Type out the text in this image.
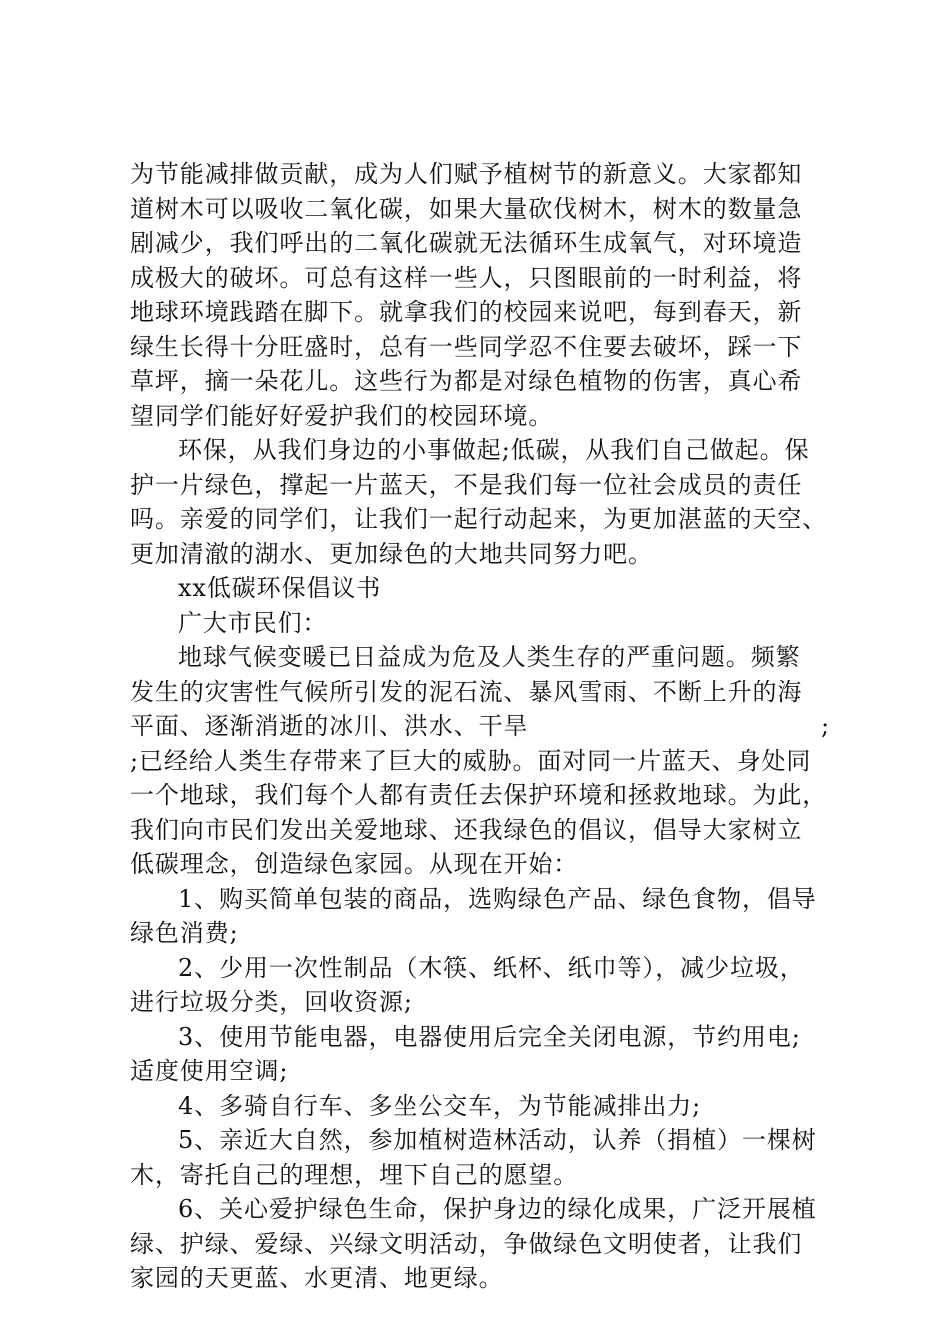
为节能减排做贡献，成为人们赋予植树节的新意义。大家都知
道树木可以吸收二氧化碳，如果大量砍伐树木，树木的数量急
剧减少，我们呼出的二氧化碳就无法循环生成氧气，对环境造
成极大的破坏。可总有这样一些人，只图眼前的一时利益，将
地球环境践踏在脚下。就拿我们的校园来说吧，每到春天，新
绿生长得十分旺盛时，总有一些同学忍不住要去破坏，踩一下
草坪，摘一朵花儿。这些行为都是对绿色植物的伤害，真心希
望同学们能好好爱护我们的校园环境。
环保，从我们身边的小事做起;低碳，从我们自己做起。保
护一片绿色，撑起一片蓝天，不是我们每一位社会成员的责任
吗。亲爱的同学们，让我们一起行动起来，为更加湛蓝的天空、
更加清澈的湖水、更加绿色的大地共同努力吧。
xx低碳环保倡议书
广大市民们：
地球气候变暖已日益成为危及人类生存的严重问题。频繁
发生的灾害性气候所引发的泥石流、暴风雪雨、不断上升的海
平面、逐渐消逝的冰川、洪水、干旱	;
;已经给人类生存带来了巨大的威胁。面对同一片蓝天、身处同
一个地球，我们每个人都有责任去保护环境和拯救地球。为此，
我们向市民们发出关爱地球、还我绿色的倡议，倡导大家树立
低碳理念，创造绿色家园。从现在开始：
1、购买简单包装的商品，选购绿色产品、绿色食物，倡导
绿色消费;
2、少用一次性制品（木筷、纸杯、纸巾等），减少垃圾，
进行垃圾分类，回收资源;
3、使用节能电器，电器使用后完全关闭电源，节约用电;
适度使用空调;
4、多骑自行车、多坐公交车，为节能减排出力;
5、亲近大自然，参加植树造林活动，认养（捐植）一棵树
木，寄托自己的理想，埋下自己的愿望。
6、关心爱护绿色生命，保护身边的绿化成果，广泛开展植
绿、护绿、爱绿、兴绿文明活动，争做绿色文明使者，让我们
家园的天更蓝、水更清、地更绿。
